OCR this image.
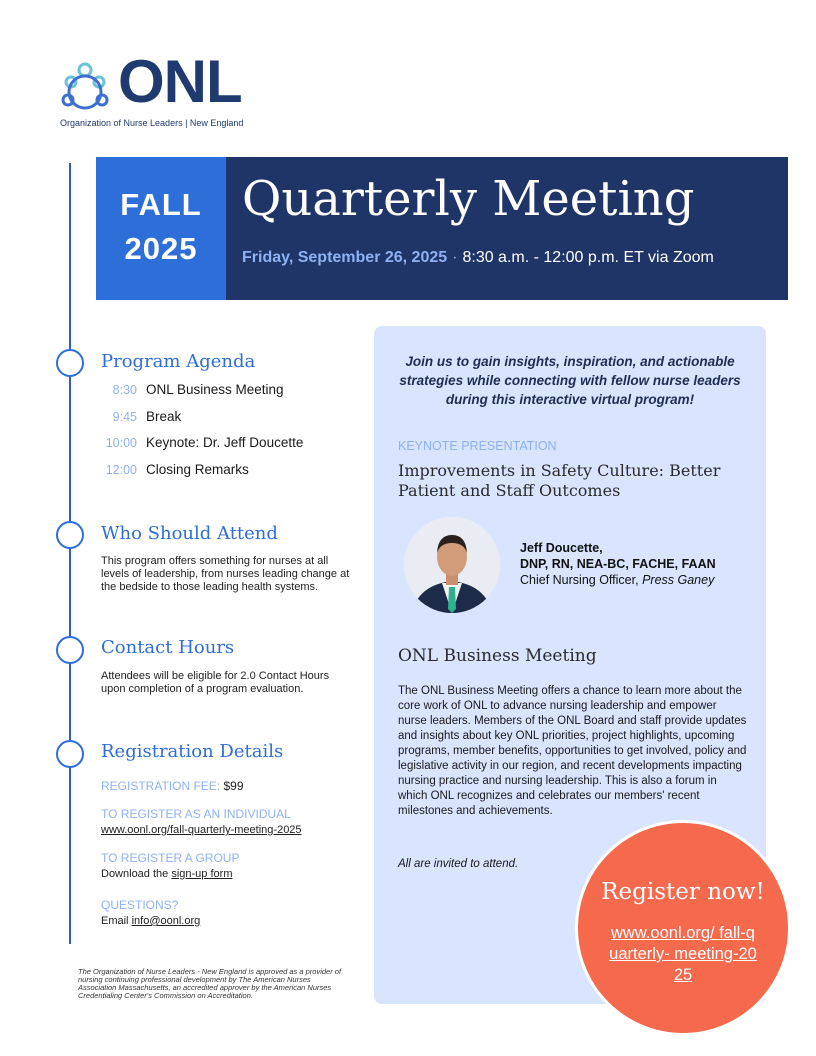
ONL
Organization of Nurse Leaders | New England
FALL
2025
Quarterly Meeting
Friday, September 26, 2025 · 8:30 a.m. - 12:00 p.m. ET via Zoom
Program Agenda
8:30 ONL Business Meeting
9:45 Break
10:00 Keynote: Dr. Jeff Doucette
12:00 Closing Remarks
Who Should Attend
This program offers something for nurses at all levels of leadership, from nurses leading change at the bedside to those leading health systems.
Contact Hours
Attendees will be eligible for 2.0 Contact Hours upon completion of a program evaluation.
Registration Details
REGISTRATION FEE: $99
TO REGISTER AS AN INDIVIDUAL
www.oonl.org/fall-quarterly-meeting-2025
TO REGISTER A GROUP
Download the sign-up form
QUESTIONS?
Email info@oonl.org
The Organization of Nurse Leaders - New England is approved as a provider of nursing continuing professional development by The American Nurses Association Massachusetts, an accredited approver by the American Nurses Credentialing Center's Commission on Accreditation.
Join us to gain insights, inspiration, and actionable strategies while connecting with fellow nurse leaders during this interactive virtual program!
KEYNOTE PRESENTATION
Improvements in Safety Culture: Better Patient and Staff Outcomes
Jeff Doucette,
DNP, RN, NEA-BC, FACHE, FAAN
Chief Nursing Officer, Press Ganey
ONL Business Meeting
The ONL Business Meeting offers a chance to learn more about the core work of ONL to advance nursing leadership and empower nurse leaders. Members of the ONL Board and staff provide updates and insights about key ONL priorities, project highlights, upcoming programs, member benefits, opportunities to get involved, policy and legislative activity in our region, and recent developments impacting nursing practice and nursing leadership. This is also a forum in which ONL recognizes and celebrates our members' recent milestones and achievements.
All are invited to attend.
Register now!
www.oonl.org/ fall-quarterly- meeting-2025
